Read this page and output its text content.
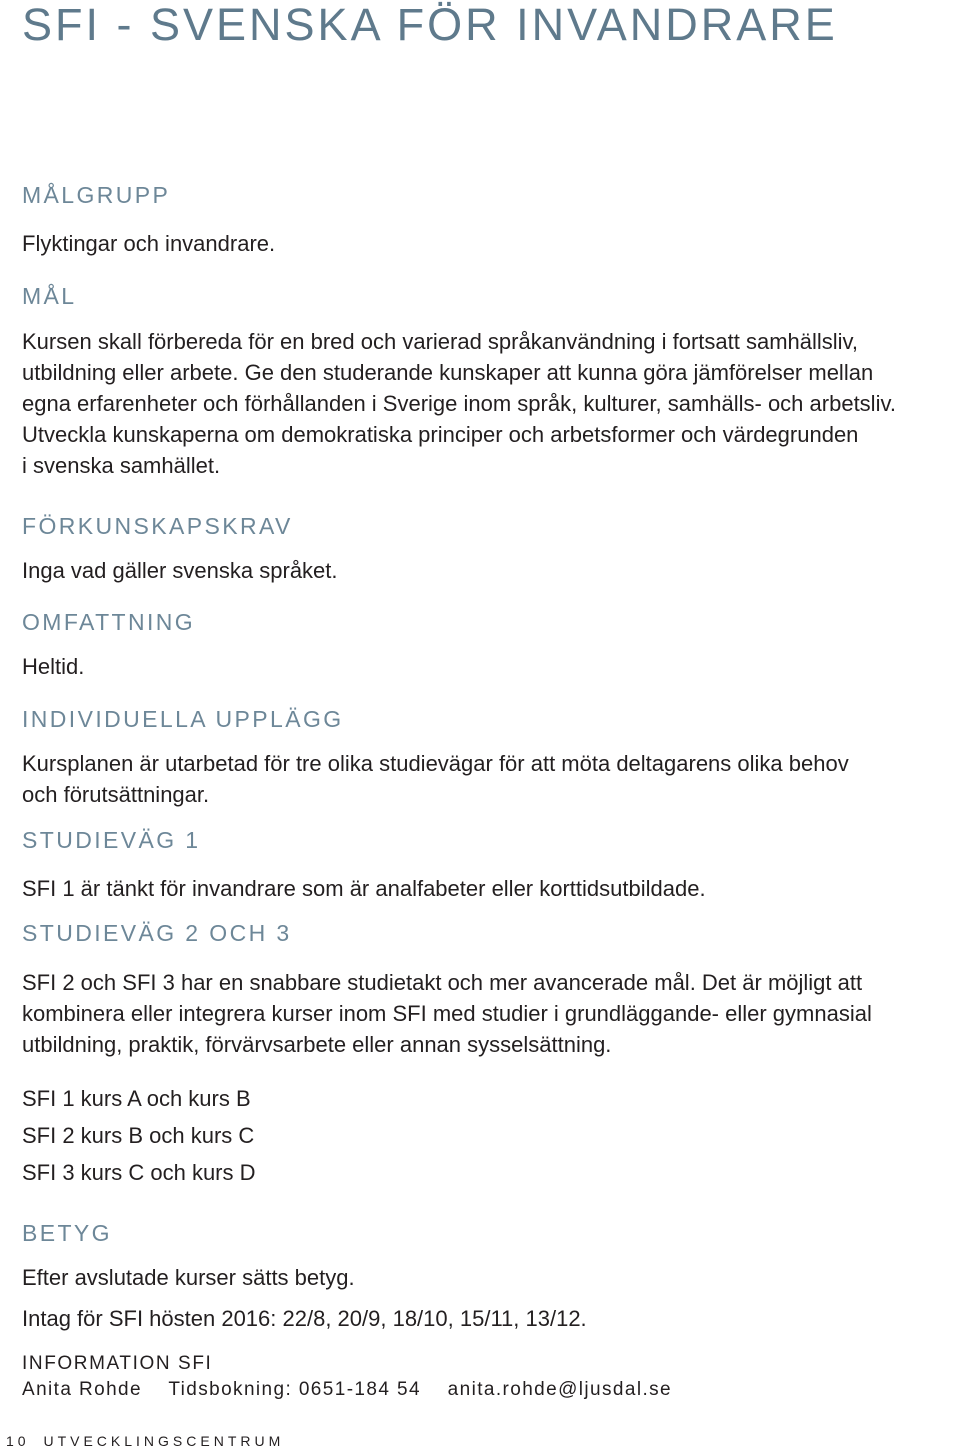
SFI - SVENSKA FÖR INVANDRARE
MÅLGRUPP
Flyktingar och invandrare.
MÅL
Kursen skall förbereda för en bred och varierad språkanvändning i fortsatt samhällsliv,
utbildning eller arbete. Ge den studerande kunskaper att kunna göra jämförelser mellan
egna erfarenheter och förhållanden i Sverige inom språk, kulturer, samhälls- och arbetsliv.
Utveckla kunskaperna om demokratiska principer och arbetsformer och värdegrunden
i svenska samhället.
FÖRKUNSKAPSKRAV
Inga vad gäller svenska språket.
OMFATTNING
Heltid.
INDIVIDUELLA UPPLÄGG
Kursplanen är utarbetad för tre olika studievägar för att möta deltagarens olika behov
och förutsättningar.
STUDIEVÄG 1
SFI 1 är tänkt för invandrare som är analfabeter eller korttidsutbildade.
STUDIEVÄG 2 OCH 3
SFI 2 och SFI 3 har en snabbare studietakt och mer avancerade mål. Det är möjligt att
kombinera eller integrera kurser inom SFI med studier i grundläggande- eller gymnasial
utbildning, praktik, förvärvsarbete eller annan sysselsättning.
SFI 1 kurs A och kurs B
SFI 2 kurs B och kurs C
SFI 3 kurs C och kurs D
BETYG
Efter avslutade kurser sätts betyg.
Intag för SFI hösten 2016: 22/8, 20/9, 18/10, 15/11, 13/12.
INFORMATION SFI
Anita Rohde Tidsbokning: 0651-184 54 anita.rohde@ljusdal.se
10 UTVECKLINGSCENTRUM
